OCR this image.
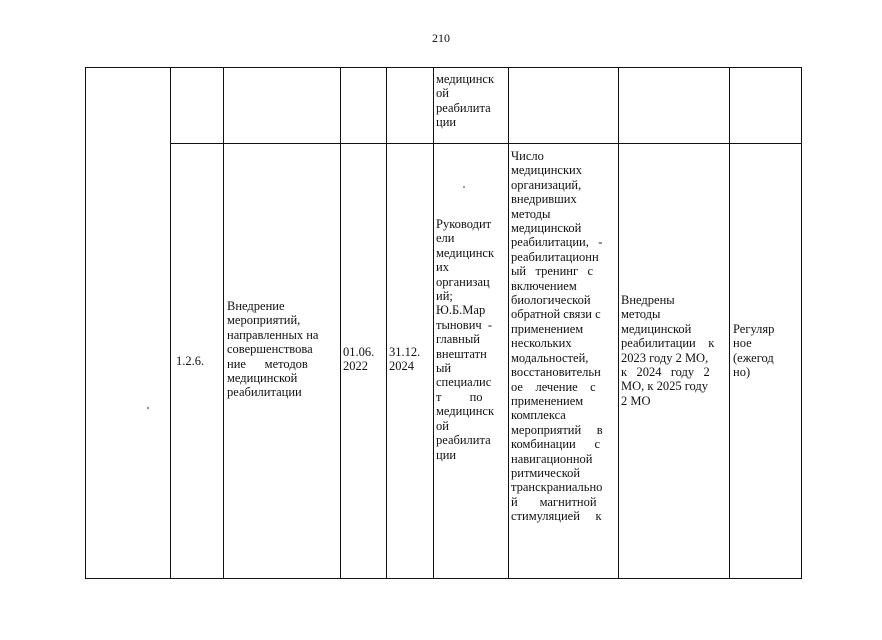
210
медицинск
ой
реабилита
ции
1.2.6.
Внедрение
мероприятий,
направленных на
совершенствова
ние      методов
медицинской
реабилитации
01.06.
2022
31.12.
2024
Руководит
ели
медицинск
их
организац
ий;
Ю.Б.Мар
тынович  -
главный
внештатн
ый
специалис
т         по
медицинск
ой
реабилита
ции
Число
медицинских
организаций,
внедривших
методы
медицинской
реабилитации,   -
реабилитационн
ый   тренинг   с
включением
биологической
обратной связи с
применением
нескольких
модальностей,
восстановительн
ое    лечение    с
применением
комплекса
мероприятий     в
комбинации      с
навигационной
ритмической
транскраниально
й       магнитной
стимуляцией     к
Внедрены
методы
медицинской
реабилитации    к
2023 году 2 МО,
к   2024   году   2
МО, к 2025 году
2 МО
Регуляр
ное
(ежегод
но)
